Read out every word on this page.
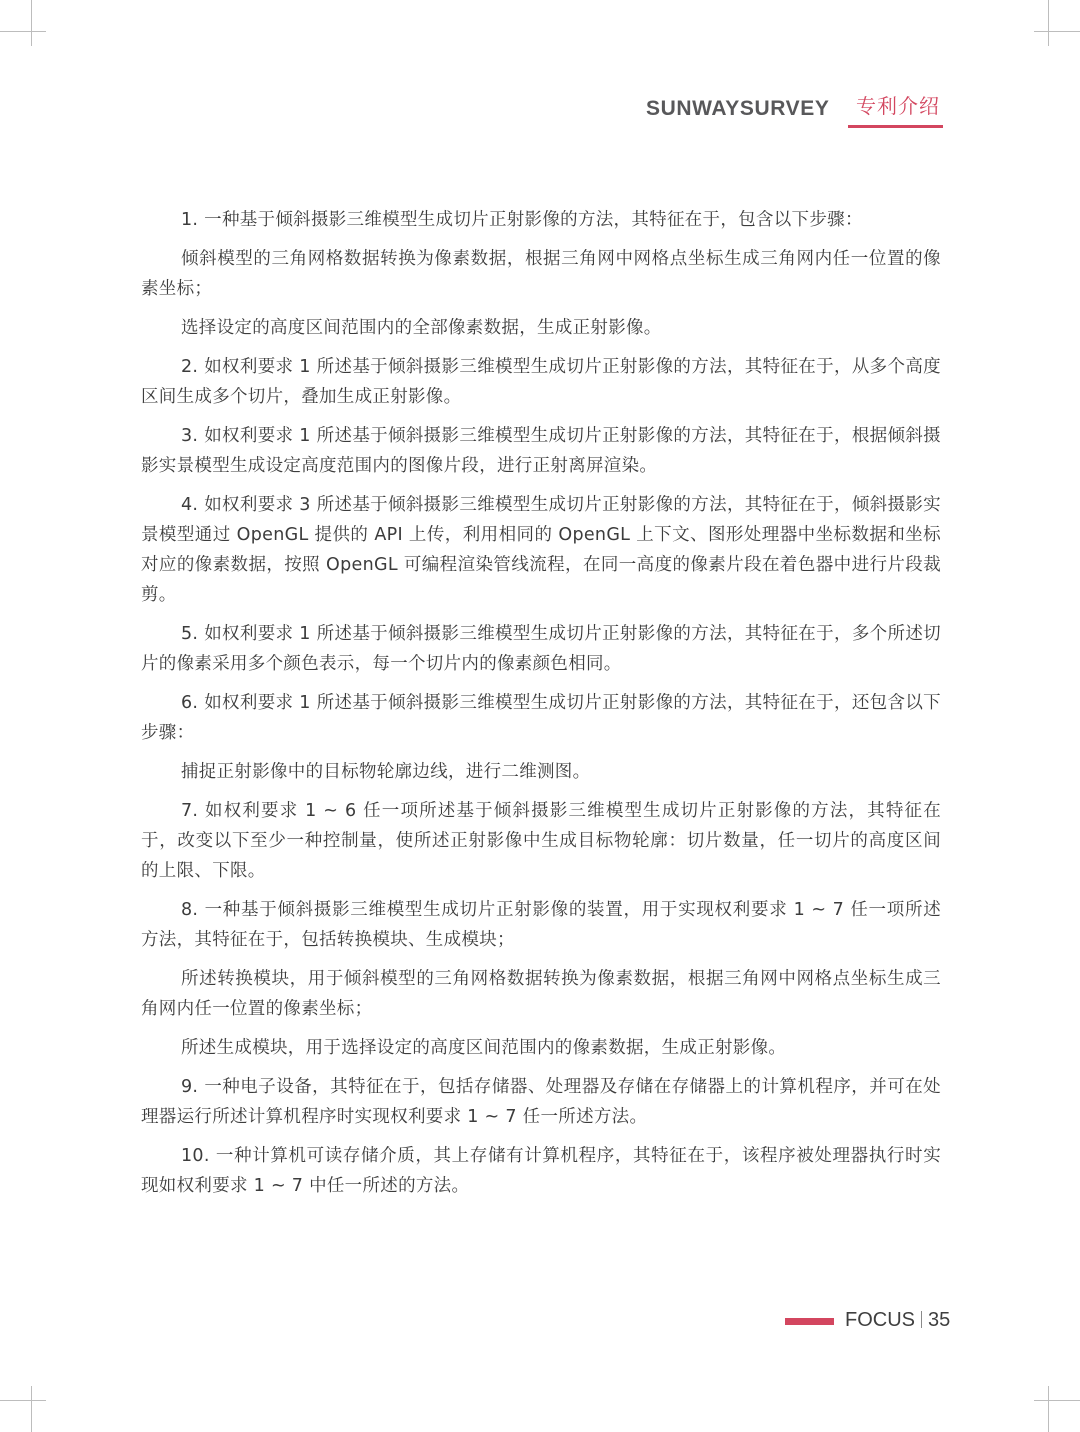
SUNWAYSURVEY 专利介绍

1. 一种基于倾斜摄影三维模型生成切片正射影像的方法，其特征在于，包含以下步骤：

倾斜模型的三角网格数据转换为像素数据，根据三角网中网格点坐标生成三角网内任一位置的像素坐标；

选择设定的高度区间范围内的全部像素数据，生成正射影像。

2. 如权利要求 1 所述基于倾斜摄影三维模型生成切片正射影像的方法，其特征在于，从多个高度区间生成多个切片，叠加生成正射影像。

3. 如权利要求 1 所述基于倾斜摄影三维模型生成切片正射影像的方法，其特征在于，根据倾斜摄影实景模型生成设定高度范围内的图像片段，进行正射离屏渲染。

4. 如权利要求 3 所述基于倾斜摄影三维模型生成切片正射影像的方法，其特征在于，倾斜摄影实景模型通过 OpenGL 提供的 API 上传，利用相同的 OpenGL 上下文、图形处理器中坐标数据和坐标对应的像素数据，按照 OpenGL 可编程渲染管线流程，在同一高度的像素片段在着色器中进行片段裁剪。

5. 如权利要求 1 所述基于倾斜摄影三维模型生成切片正射影像的方法，其特征在于，多个所述切片的像素采用多个颜色表示，每一个切片内的像素颜色相同。

6. 如权利要求 1 所述基于倾斜摄影三维模型生成切片正射影像的方法，其特征在于，还包含以下步骤：

捕捉正射影像中的目标物轮廓边线，进行二维测图。

7. 如权利要求 1 ~ 6 任一项所述基于倾斜摄影三维模型生成切片正射影像的方法，其特征在于，改变以下至少一种控制量，使所述正射影像中生成目标物轮廓：切片数量，任一切片的高度区间的上限、下限。

8. 一种基于倾斜摄影三维模型生成切片正射影像的装置，用于实现权利要求 1 ~ 7 任一项所述方法，其特征在于，包括转换模块、生成模块；

所述转换模块，用于倾斜模型的三角网格数据转换为像素数据，根据三角网中网格点坐标生成三角网内任一位置的像素坐标；

所述生成模块，用于选择设定的高度区间范围内的像素数据，生成正射影像。

9. 一种电子设备，其特征在于，包括存储器、处理器及存储在存储器上的计算机程序，并可在处理器运行所述计算机程序时实现权利要求 1 ~ 7 任一所述方法。

10. 一种计算机可读存储介质，其上存储有计算机程序，其特征在于，该程序被处理器执行时实现如权利要求 1 ~ 7 中任一所述的方法。

FOCUS 35
